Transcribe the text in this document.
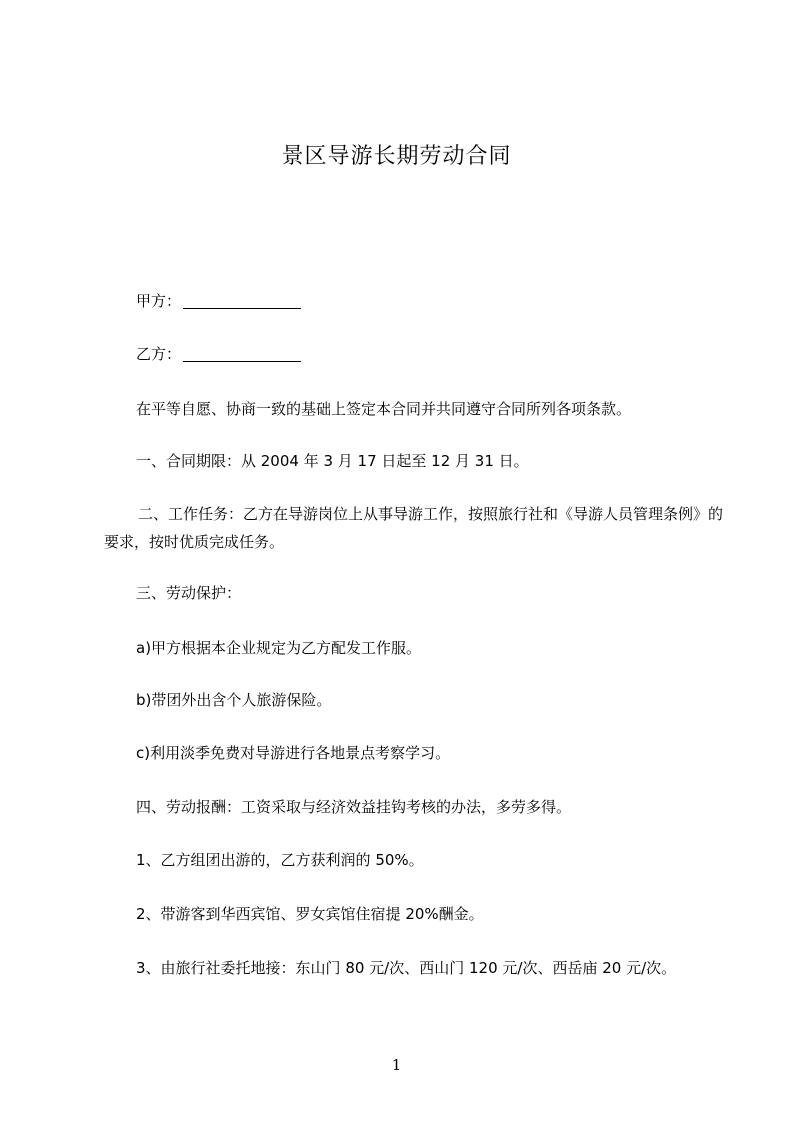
景区导游长期劳动合同
甲方：
乙方：
在平等自愿、协商一致的基础上签定本合同并共同遵守合同所列各项条款。
一、合同期限：从 2004 年 3 月 17 日起至 12 月 31 日。
二、工作任务：乙方在导游岗位上从事导游工作，按照旅行社和《导游人员管理条例》的要求，按时优质完成任务。
三、劳动保护：
a)甲方根据本企业规定为乙方配发工作服。
b)带团外出含个人旅游保险。
c)利用淡季免费对导游进行各地景点考察学习。
四、劳动报酬：工资采取与经济效益挂钩考核的办法，多劳多得。
1、乙方组团出游的，乙方获利润的 50%。
2、带游客到华西宾馆、罗女宾馆住宿提 20%酬金。
3、由旅行社委托地接：东山门 80 元/次、西山门 120 元/次、西岳庙 20 元/次。
1
